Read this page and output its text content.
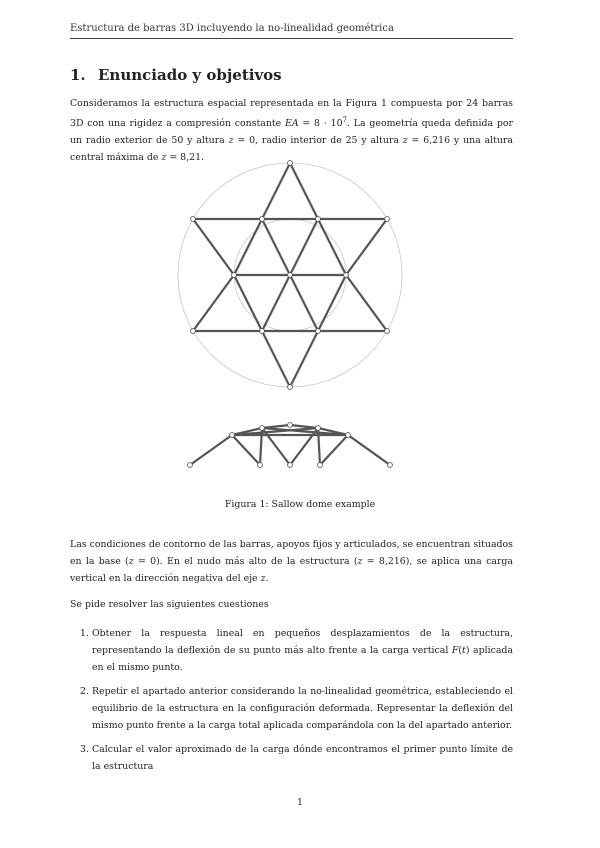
Estructura de barras 3D incluyendo la no-linealidad geométrica
1. Enunciado y objetivos

Consideramos la estructura espacial representada en la Figura 1 compuesta por 24 barras 3D con una rigidez a compresión constante EA = $8 \cdot 10^7$. La geometría queda definida por un radio exterior de 50 y altura z = 0, radio interior de 25 y altura z = 6,216 y una altura central máxima de z = 8,21.

Figura 1: Sallow dome example

Las condiciones de contorno de las barras, apoyos fijos y articulados, se encuentran situados en la base (z = 0). En el nudo más alto de la estructura (z = 8,216), se aplica una carga vertical en la dirección negativa del eje z.

Se pide resolver las siguientes cuestiones

1. Obtener la respuesta lineal en pequeños desplazamientos de la estructura, representando la deflexión de su punto más alto frente a la carga vertical F(t) aplicada en el mismo punto.
2. Repetir el apartado anterior considerando la no-linealidad geométrica, estableciendo el equilibrio de la estructura en la configuración deformada. Representar la deflexión del mismo punto frente a la carga total aplicada comparándola con la del apartado anterior.
3. Calcular el valor aproximado de la carga dónde encontramos el primer punto límite de la estructura
1
